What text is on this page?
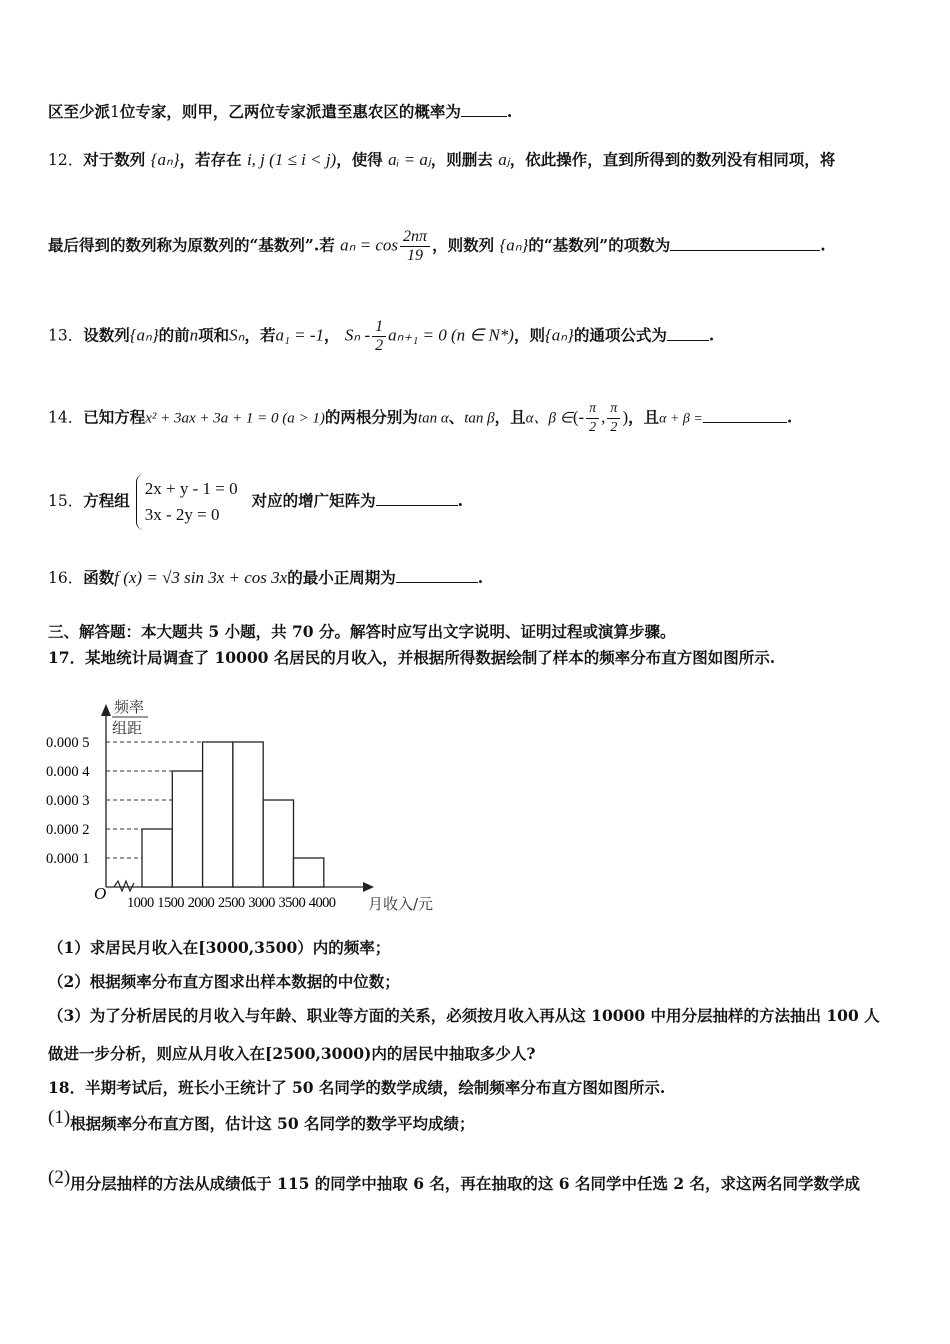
区至少派1位专家，则甲，乙两位专家派遣至惠农区的概率为	.
12．对于数列 {aₙ}，若存在 i, j (1 ≤ i < j)，使得 aᵢ = aⱼ，则删去 aⱼ，依此操作，直到所得到的数列没有相同项，将
最后得到的数列称为原数列的“基数列”.若 $a_n = \cos \frac{2n\pi}{19}$ ，则数列 {aₙ}的“基数列”的项数为	.
13．设数列{aₙ}的前n项和Sₙ，若a₁ = -1， $S_n - \frac{1}{2} a_{n+1} = 0$ (n ∈ N*)，则{aₙ}的通项公式为	.
14．已知方程x² + 3ax + 3a + 1 = 0 (a > 1)的两根分别为tan α、tan β，且α、β ∈(- $\frac{\pi}{2}$ , $\frac{\pi}{2}$ )，且α + β =	.
15．方程组
2x + y - 1 = 0
3x - 2y = 0
对应的增广矩阵为	.
16．函数f (x) = √3 sin 3x + cos 3x的最小正周期为	.
三、解答题：本大题共 5 小题，共 70 分。解答时应写出文字说明、证明过程或演算步骤。
17．某地统计局调查了 10000 名居民的月收入，并根据所得数据绘制了样本的频率分布直方图如图所示.
O
频率
组距
0.000 1
0.000 2
0.000 3
0.000 4
0.000 5
1000 1500 2000 2500 3000 3500 4000 月收入/元
（1）求居民月收入在[3000,3500）内的频率；
（2）根据频率分布直方图求出样本数据的中位数；
（3）为了分析居民的月收入与年龄、职业等方面的关系，必须按月收入再从这 10000 中用分层抽样的方法抽出 100 人
做进一步分析，则应从月收入在[2500,3000)内的居民中抽取多少人?
18．半期考试后，班长小王统计了 50 名同学的数学成绩，绘制频率分布直方图如图所示.
(1)根据频率分布直方图，估计这 50 名同学的数学平均成绩；
(2)用分层抽样的方法从成绩低于 115 的同学中抽取 6 名，再在抽取的这 6 名同学中任选 2 名，求这两名同学数学成
